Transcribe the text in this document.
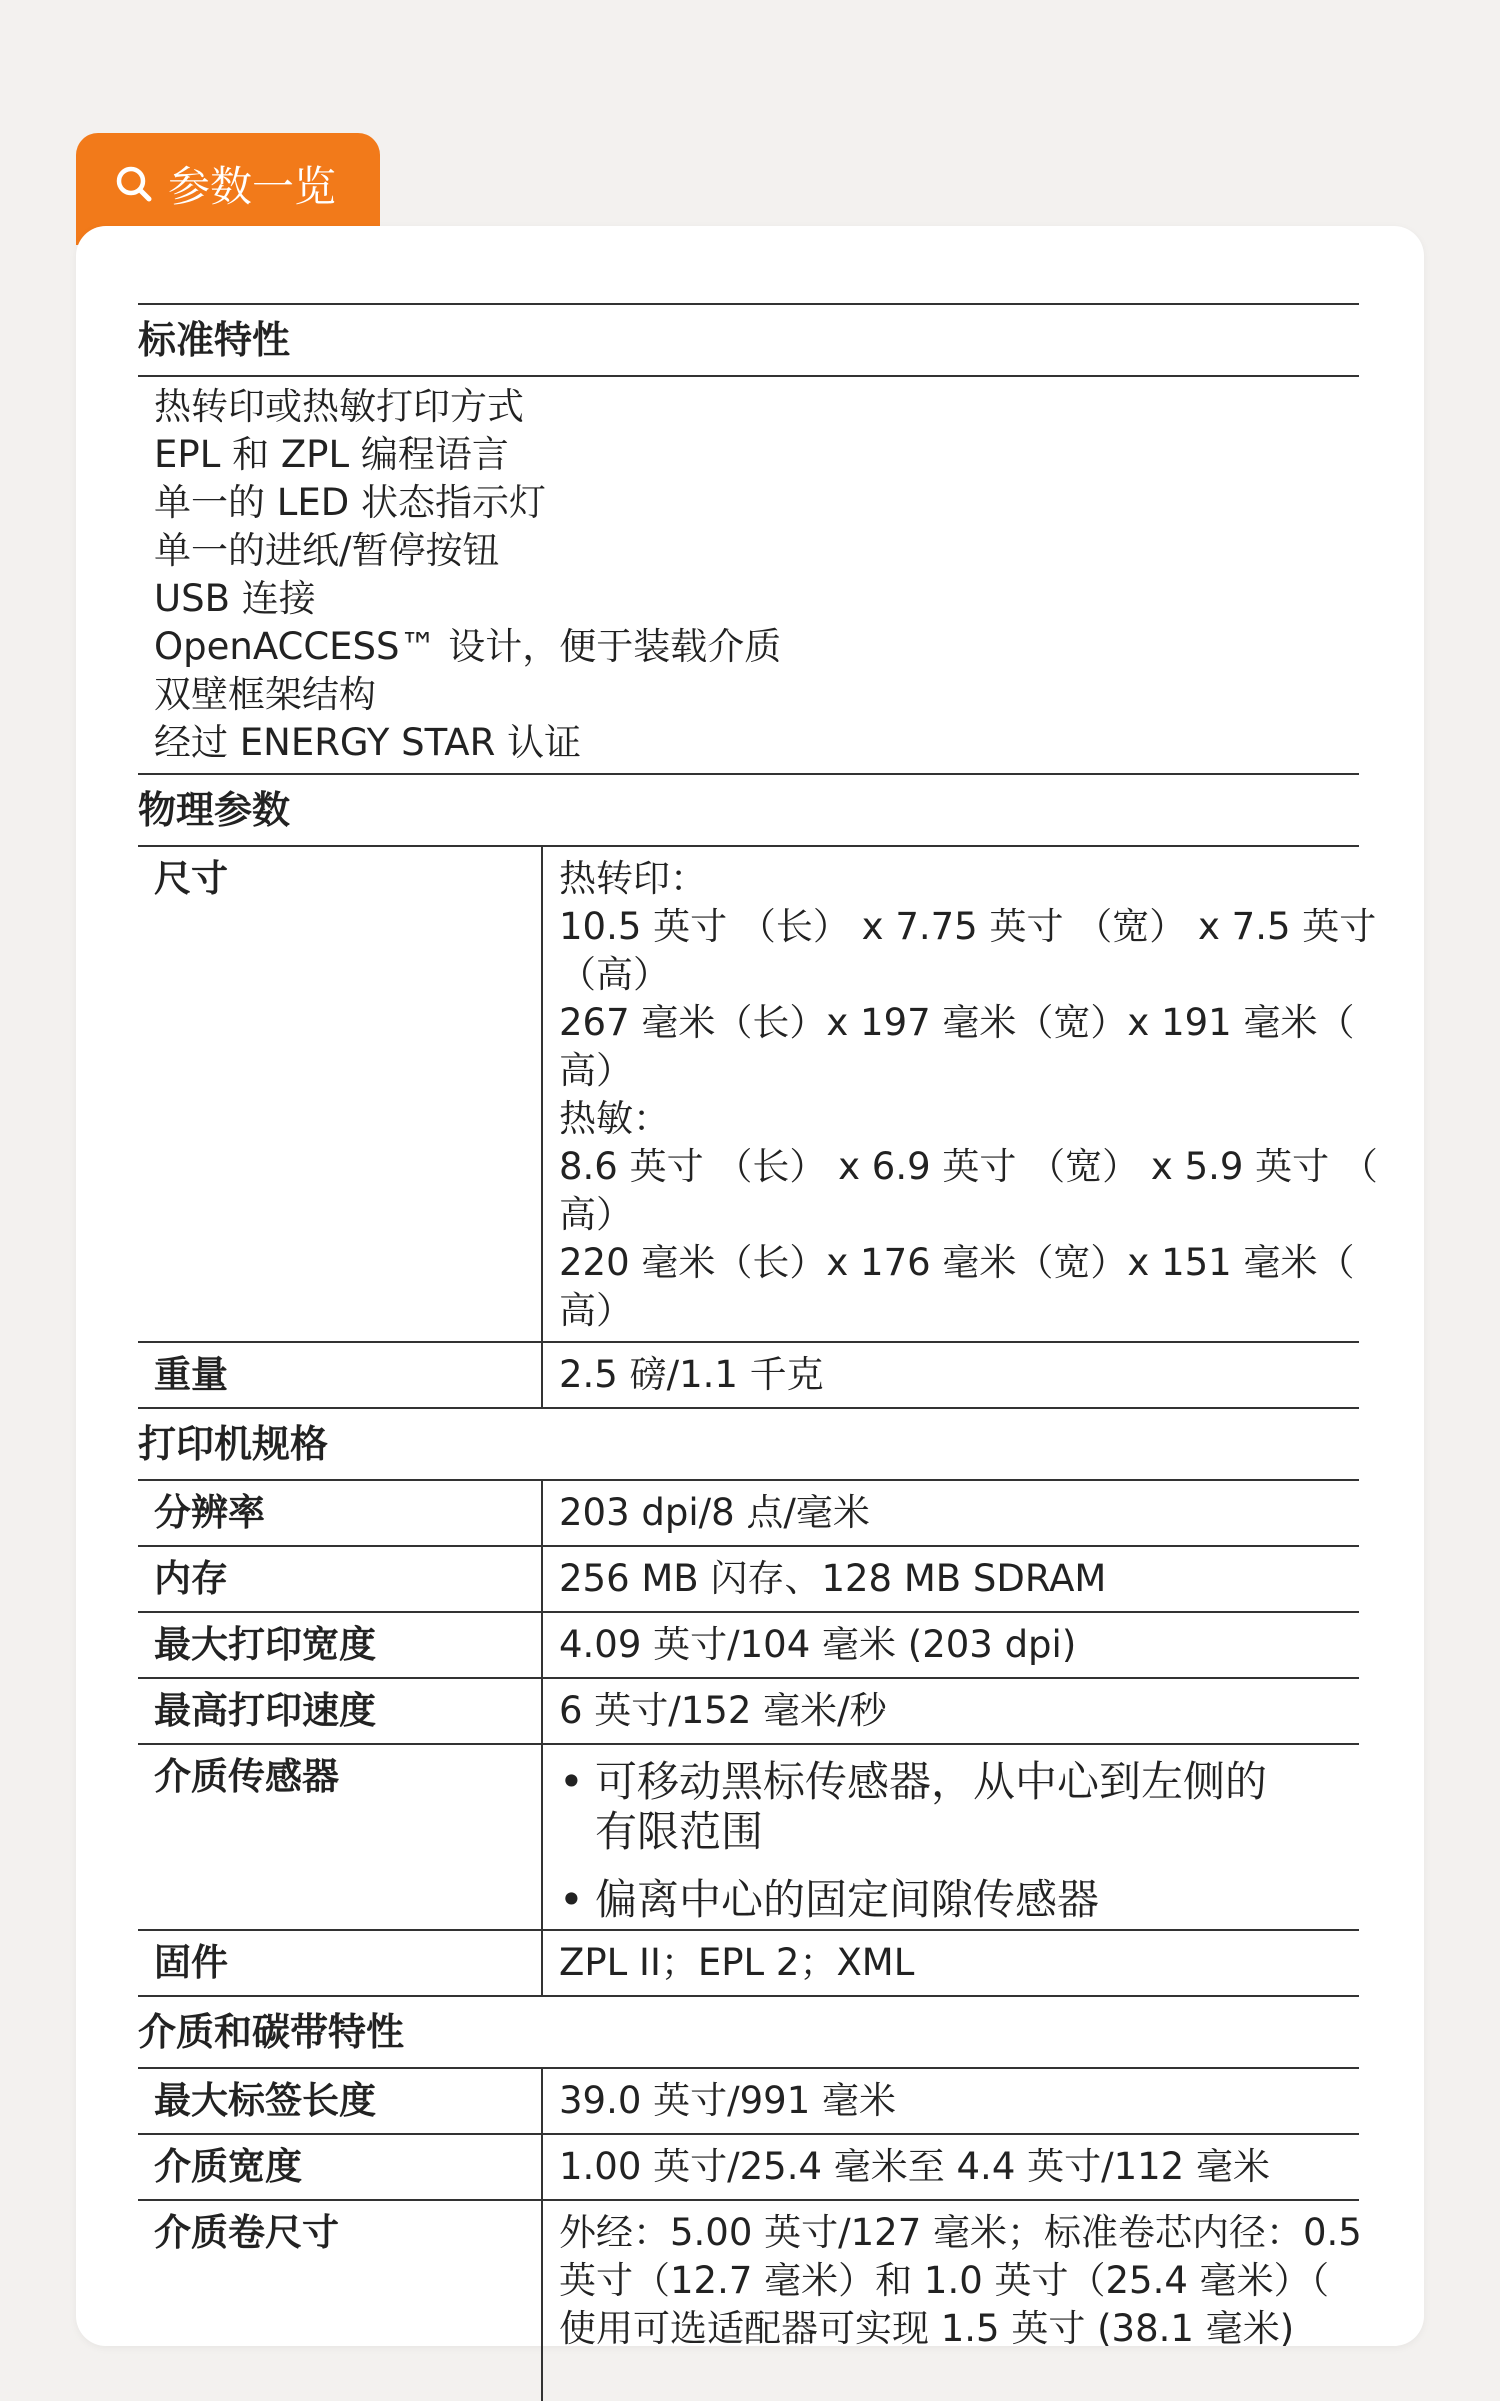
参数一览
标准特性
热转印或热敏打印方式
EPL 和 ZPL 编程语言
单一的 LED 状态指示灯
单一的进纸/暂停按钮
USB 连接
OpenACCESS™ 设计，便于装载介质
双壁框架结构
经过 ENERGY STAR 认证
物理参数
尺寸	热转印：
10.5 英寸 （长） x 7.75 英寸 （宽） x 7.5 英寸
（高）
267 毫米（长）x 197 毫米（宽）x 191 毫米（
高）
热敏：
8.6 英寸 （长） x 6.9 英寸 （宽） x 5.9 英寸 （
高）
220 毫米（长）x 176 毫米（宽）x 151 毫米（
高）
重量	2.5 磅/1.1 千克
打印机规格
分辨率	203 dpi/8 点/毫米
内存	256 MB 闪存、128 MB SDRAM
最大打印宽度	4.09 英寸/104 毫米 (203 dpi)
最高打印速度	6 英寸/152 毫米/秒
介质传感器	• 可移动黑标传感器，从中心到左侧的
有限范围
• 偏离中心的固定间隙传感器
固件	ZPL II；EPL 2；XML
介质和碳带特性
最大标签长度	39.0 英寸/991 毫米
介质宽度	1.00 英寸/25.4 毫米至 4.4 英寸/112 毫米
介质卷尺寸	外经：5.00 英寸/127 毫米；标准卷芯内径：0.5
英寸（12.7 毫米）和 1.0 英寸（25.4 毫米）（
使用可选适配器可实现 1.5 英寸 (38.1 毫米)
